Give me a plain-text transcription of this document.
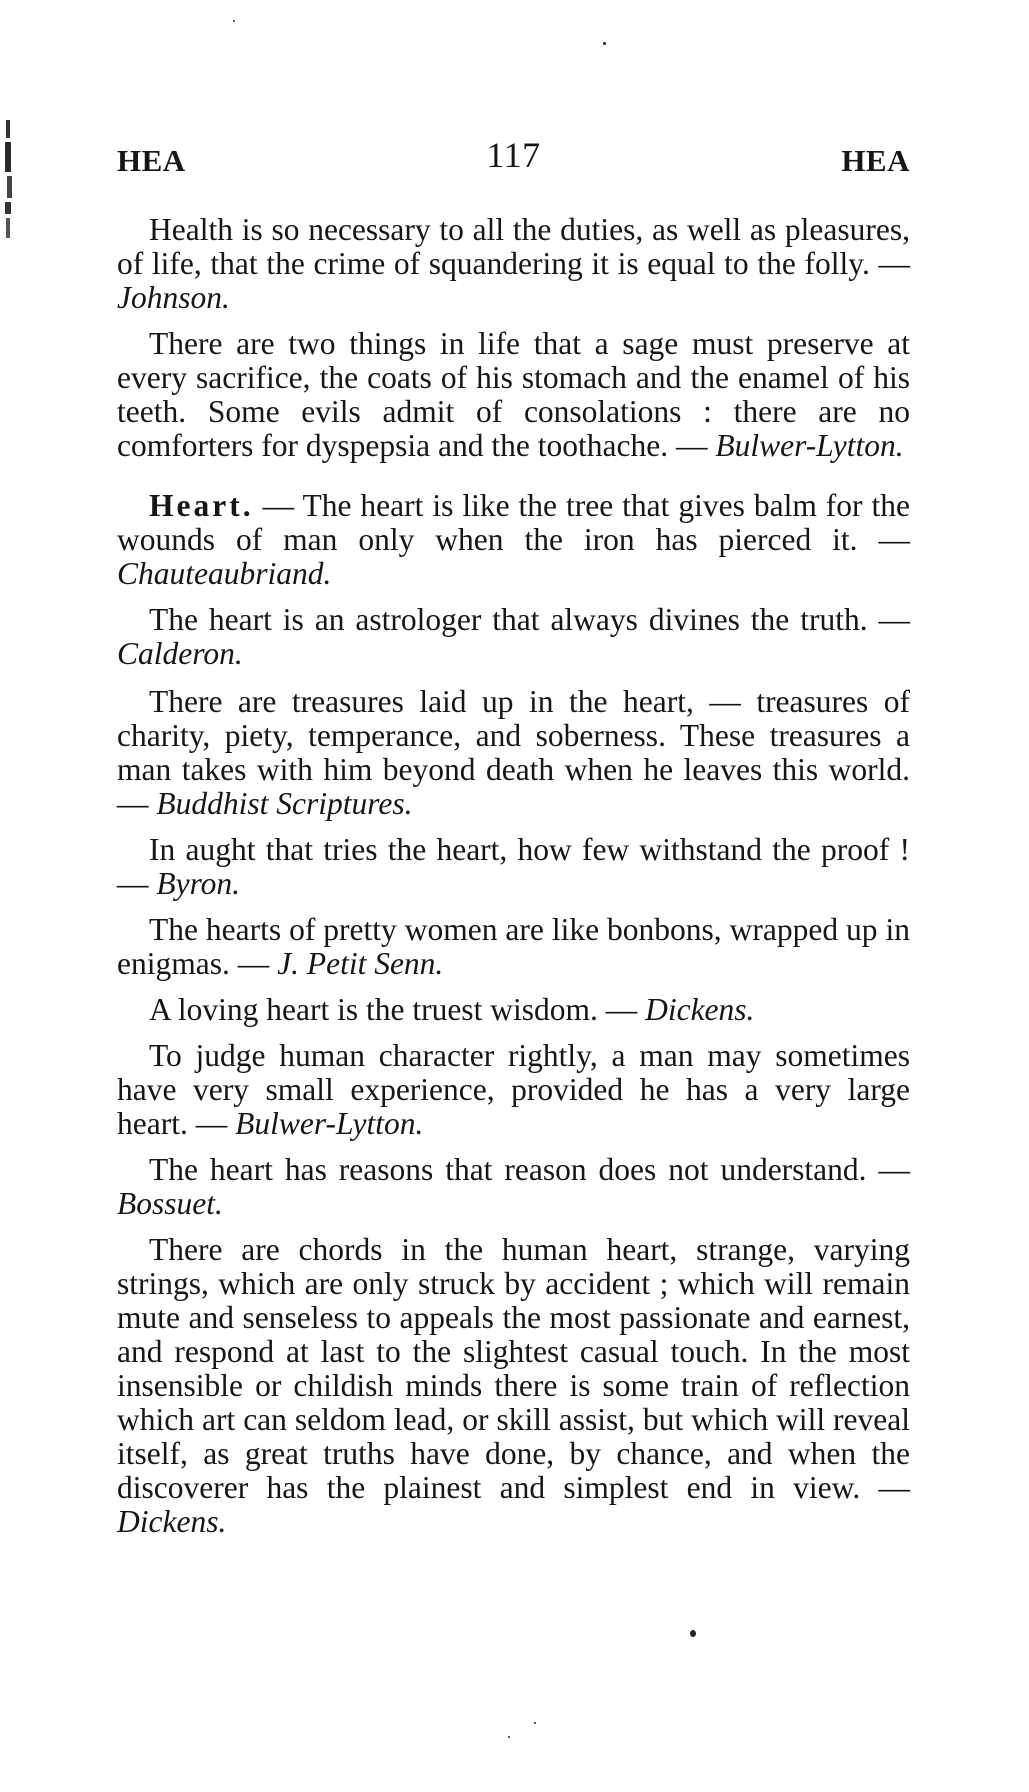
HEA	117	HEA

Health is so necessary to all the duties, as well as pleasures, of life, that the crime of squandering it is equal to the folly. — Johnson.

There are two things in life that a sage must preserve at every sacrifice, the coats of his stomach and the enamel of his teeth. Some evils admit of consolations : there are no comforters for dyspepsia and the toothache. — Bulwer-Lytton.

Heart. — The heart is like the tree that gives balm for the wounds of man only when the iron has pierced it. — Chauteaubriand.

The heart is an astrologer that always divines the truth. — Calderon.

There are treasures laid up in the heart, — treasures of charity, piety, temperance, and soberness. These treasures a man takes with him beyond death when he leaves this world. — Buddhist Scriptures.

In aught that tries the heart, how few withstand the proof ! — Byron.

The hearts of pretty women are like bonbons, wrapped up in enigmas. — J. Petit Senn.

A loving heart is the truest wisdom. — Dickens.

To judge human character rightly, a man may sometimes have very small experience, provided he has a very large heart. — Bulwer-Lytton.

The heart has reasons that reason does not understand. — Bossuet.

There are chords in the human heart, strange, varying strings, which are only struck by accident ; which will remain mute and senseless to appeals the most passionate and earnest, and respond at last to the slightest casual touch. In the most insensible or childish minds there is some train of reflection which art can seldom lead, or skill assist, but which will reveal itself, as great truths have done, by chance, and when the discoverer has the plainest and simplest end in view. — Dickens.
